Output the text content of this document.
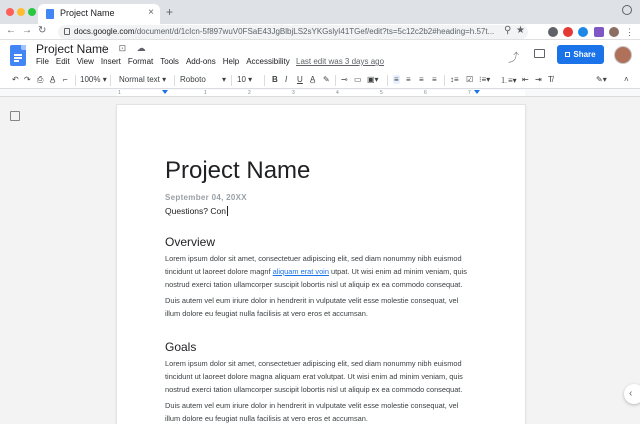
Project Name	× +
← → ↻	docs.google.com/document/d/1cIcn-5f897wuV0FSaE43JgBlbjLS2sYKGslyI41TGef/edit?ts=5c12c2b2#heading=h.57t... ⚲ ★	⋮
Project Name
☆ ⊡ ☁
File Edit View Insert Format Tools Add-ons Help Accessibility Last edit was 3 days ago	⤴	Share
↶ ↷ ⎙ A̲ ⌐ 100% ▾ Normal text ▾ Roboto ▾ 10 ▾ B I U A̲ ✎ ⊸ ▭ ▣▾ ≡ ≡ ≡ ≡ ↕≡ ☑ ⁝≡▾ ⒈≡▾ ⇤ ⇥ T̸	✎▾ ˄
1	1	2	3	4	5	6	7
Project Name
September 04, 20XX
Questions? Con
Overview
Lorem ipsum dolor sit amet, consectetuer adipiscing elit, sed diam nonummy nibh euismod
tincidunt ut laoreet dolore magnf aliquam erat voin utpat. Ut wisi enim ad minim veniam, quis
nostrud exerci tation ullamcorper suscipit lobortis nisl ut aliquip ex ea commodo consequat.
Duis autem vel eum iriure dolor in hendrerit in vulputate velit esse molestie consequat, vel
illum dolore eu feugiat nulla facilisis at vero eros et accumsan.
Goals
Lorem ipsum dolor sit amet, consectetuer adipiscing elit, sed diam nonummy nibh euismod
tincidunt ut laoreet dolore magna aliquam erat volutpat. Ut wisi enim ad minim veniam, quis
nostrud exerci tation ullamcorper suscipit lobortis nisl ut aliquip ex ea commodo consequat.
Duis autem vel eum iriure dolor in hendrerit in vulputate velit esse molestie consequat, vel
illum dolore eu feugiat nulla facilisis at vero eros et accumsan.
‹
